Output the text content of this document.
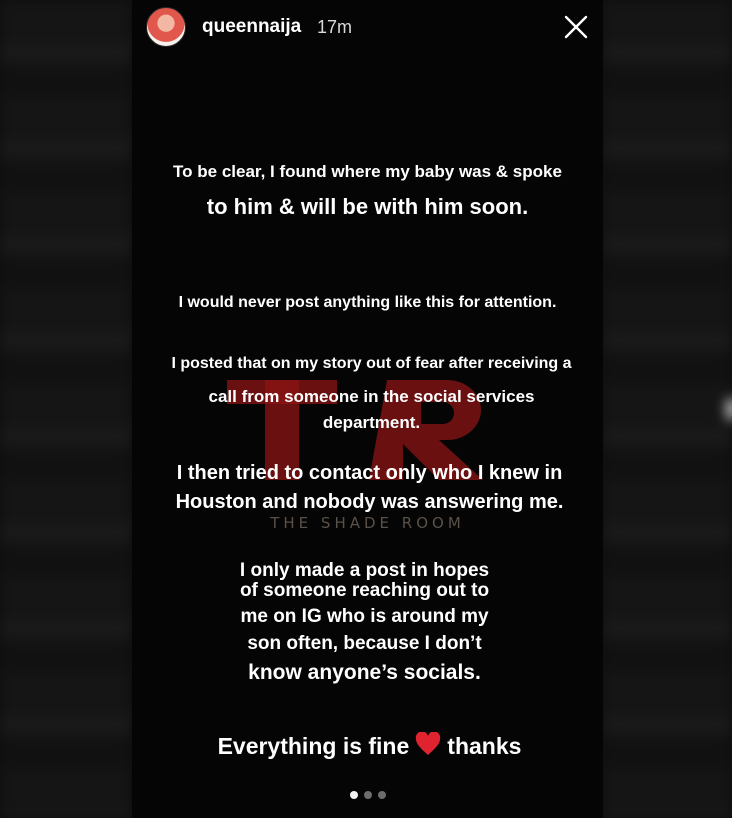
queennaija 17m
THE SHADE ROOM
To be clear, I found where my baby was & spoke
to him & will be with him soon.
I would never post anything like this for attention.
I posted that on my story out of fear after receiving a
call from someone in the social services
department.
I then tried to contact only who I knew in
Houston and nobody was answering me.
I only made a post in hopes
of someone reaching out to
me on IG who is around my
son often, because I don’t
know anyone’s socials.
Everything is fine thanks
